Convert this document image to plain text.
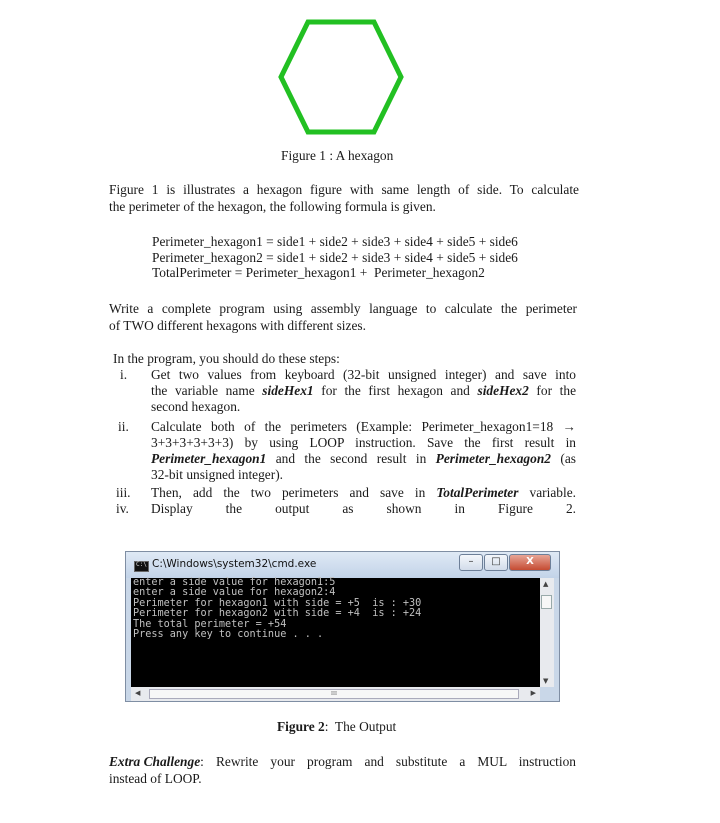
Figure 1 : A hexagon
Figure 1 is illustrates a hexagon figure with same length of side. To calculate
the perimeter of the hexagon, the following formula is given.
Perimeter_hexagon1 = side1 + side2 + side3 + side4 + side5 + side6
Perimeter_hexagon2 = side1 + side2 + side3 + side4 + side5 + side6
TotalPerimeter = Perimeter_hexagon1 +  Perimeter_hexagon2
Write a complete program using assembly language to calculate the perimeter
of TWO different hexagons with different sizes.
In the program, you should do these steps:
i.	Get two values from keyboard (32-bit unsigned integer) and save into
the variable name sideHex1 for the first hexagon and sideHex2 for the
second hexagon.
ii.	Calculate both of the perimeters (Example: Perimeter_hexagon1=18 →
3+3+3+3+3+3) by using LOOP instruction. Save the first result in
Perimeter_hexagon1 and the second result in Perimeter_hexagon2 (as
32-bit unsigned integer).
iii.	Then, add the two perimeters and save in TotalPerimeter variable.
iv.	Display the output as shown in Figure 2.
C:\
C:\Windows\system32\cmd.exe	–	□	X
enter a side value for hexagon1:5
enter a side value for hexagon2:4
Perimeter for hexagon1 with side = +5  is : +30
Perimeter for hexagon2 with side = +4  is : +24
The total perimeter = +54
Press any key to continue . . .
▲
▼
◀	III	▶
Figure 2:  The Output
Extra Challenge : Rewrite your program and substitute a MUL instruction
instead of LOOP.
